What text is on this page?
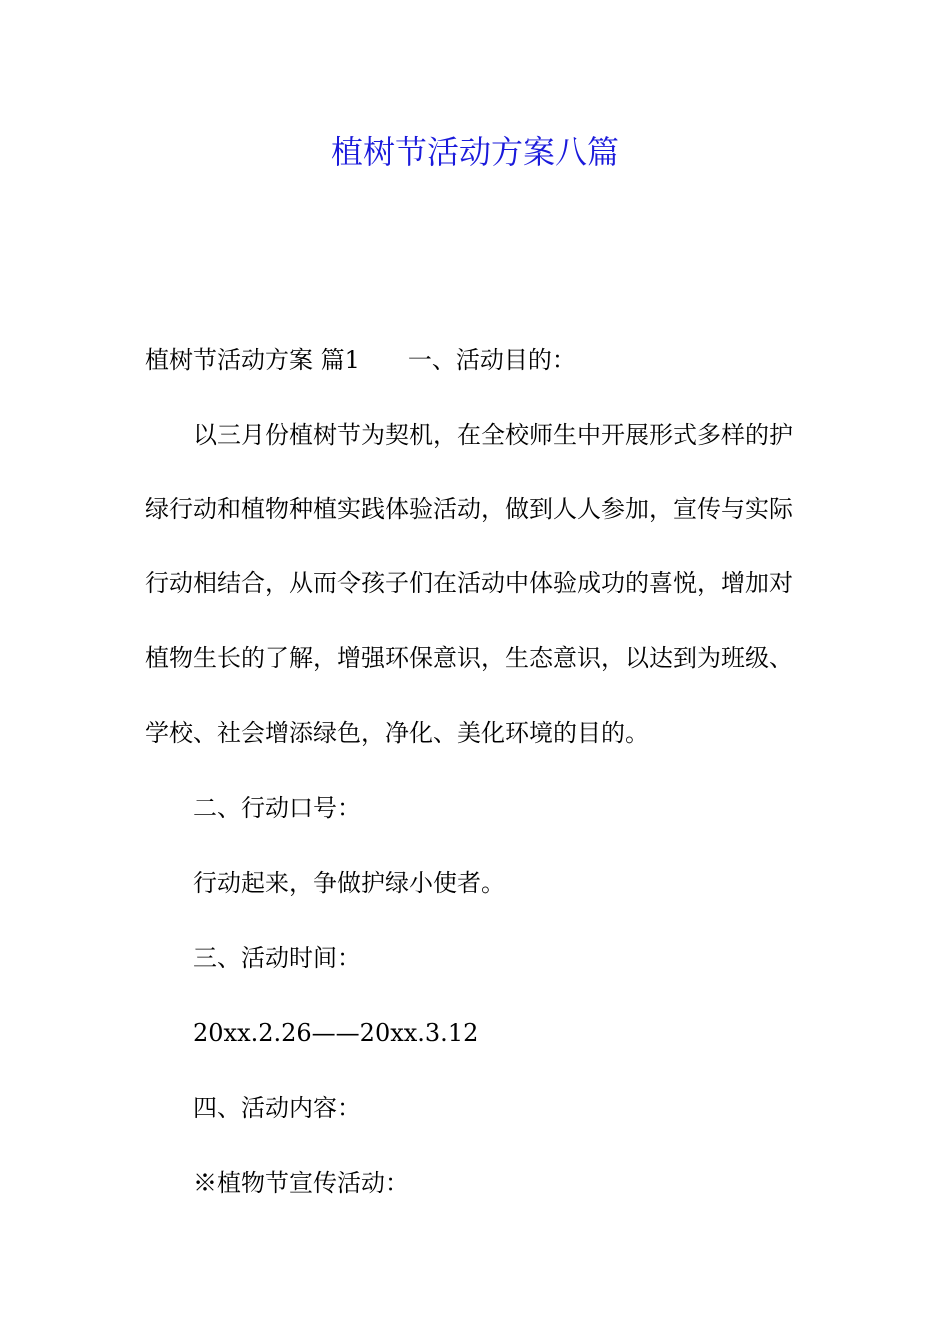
植树节活动方案八篇
植树节活动方案 篇1 一、活动目的：

以三月份植树节为契机，在全校师生中开展形式多样的护

绿行动和植物种植实践体验活动，做到人人参加，宣传与实际

行动相结合，从而令孩子们在活动中体验成功的喜悦，增加对

植物生长的了解，增强环保意识，生态意识，以达到为班级、

学校、社会增添绿色，净化、美化环境的目的。

二、行动口号：

行动起来，争做护绿小使者。

三、活动时间：

20xx.2.26——20xx.3.12

四、活动内容：

※植物节宣传活动：
